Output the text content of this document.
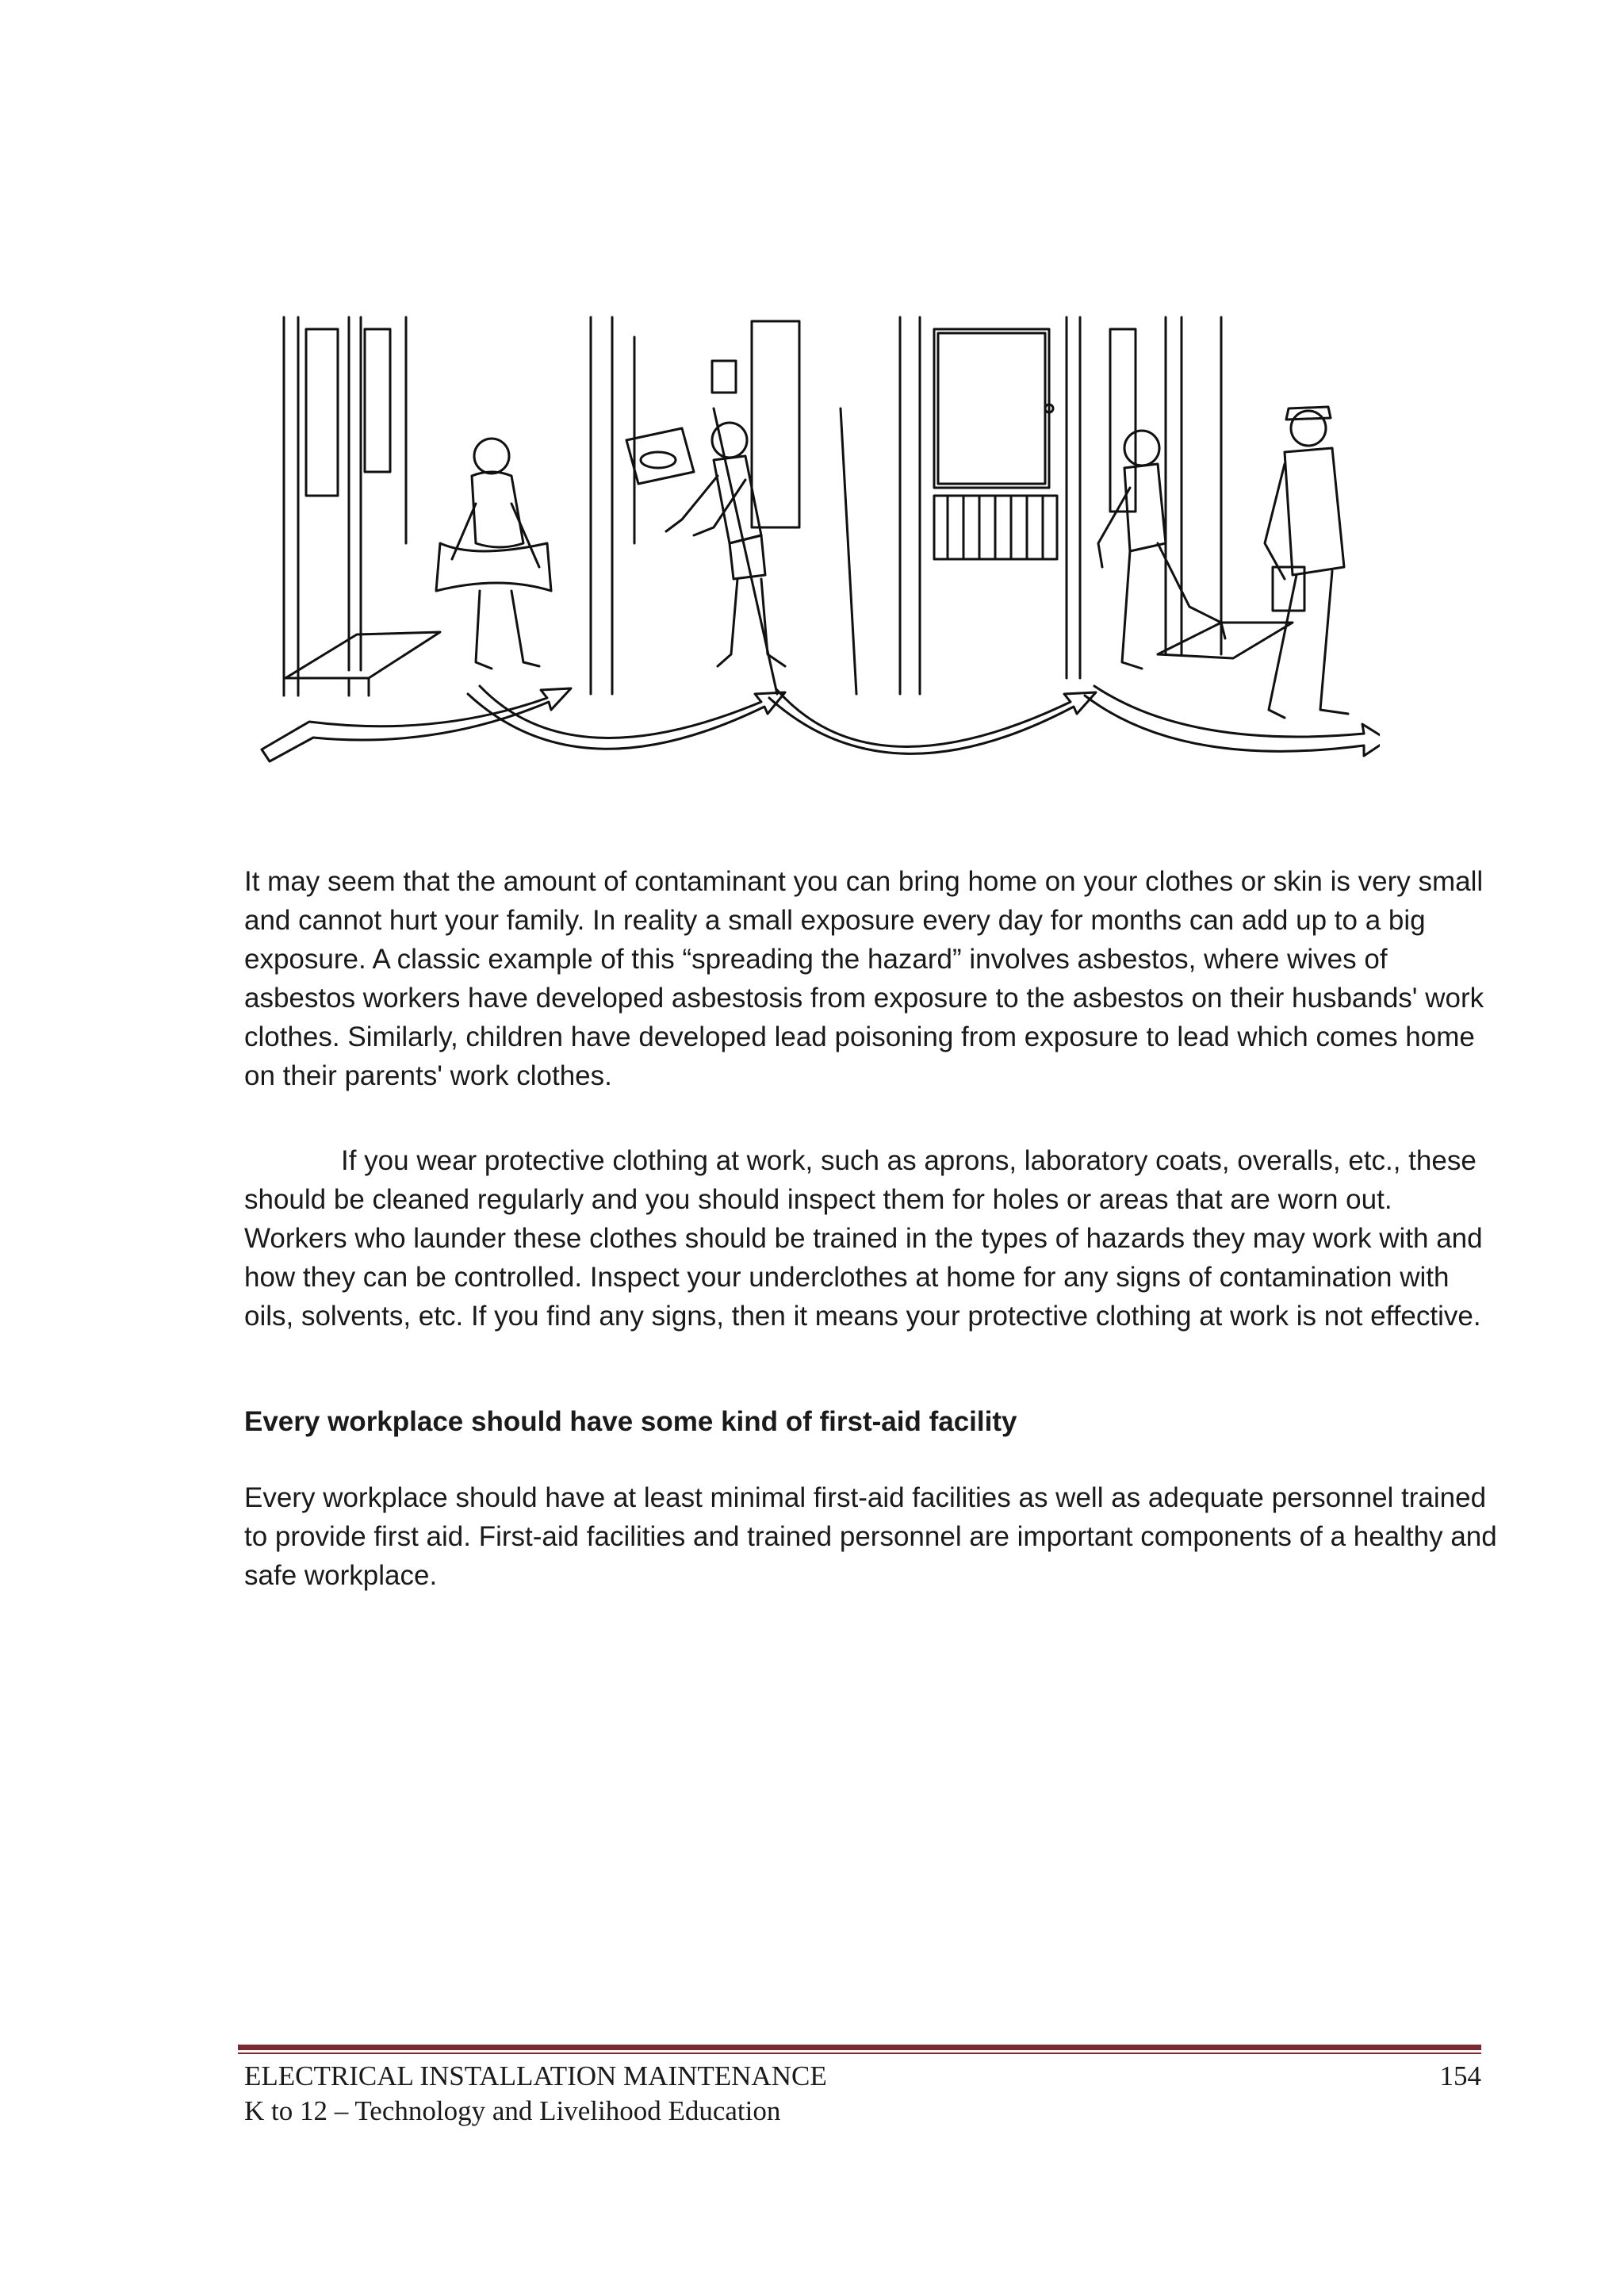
It may seem that the amount of contaminant you can bring home on your clothes or skin is very small and cannot hurt your family. In reality a small exposure every day for months can add up to a big exposure. A classic example of this “spreading the hazard” involves asbestos, where wives of asbestos workers have developed asbestosis from exposure to the asbestos on their husbands' work clothes. Similarly, children have developed lead poisoning from exposure to lead which comes home on their parents' work clothes.

If you wear protective clothing at work, such as aprons, laboratory coats, overalls, etc., these should be cleaned regularly and you should inspect them for holes or areas that are worn out. Workers who launder these clothes should be trained in the types of hazards they may work with and how they can be controlled. Inspect your underclothes at home for any signs of contamination with oils, solvents, etc. If you find any signs, then it means your protective clothing at work is not effective.

Every workplace should have some kind of first-aid facility

Every workplace should have at least minimal first-aid facilities as well as adequate personnel trained to provide first aid. First-aid facilities and trained personnel are important components of a healthy and safe workplace.

ELECTRICAL INSTALLATION MAINTENANCE
K to 12 – Technology and Livelihood Education
154
